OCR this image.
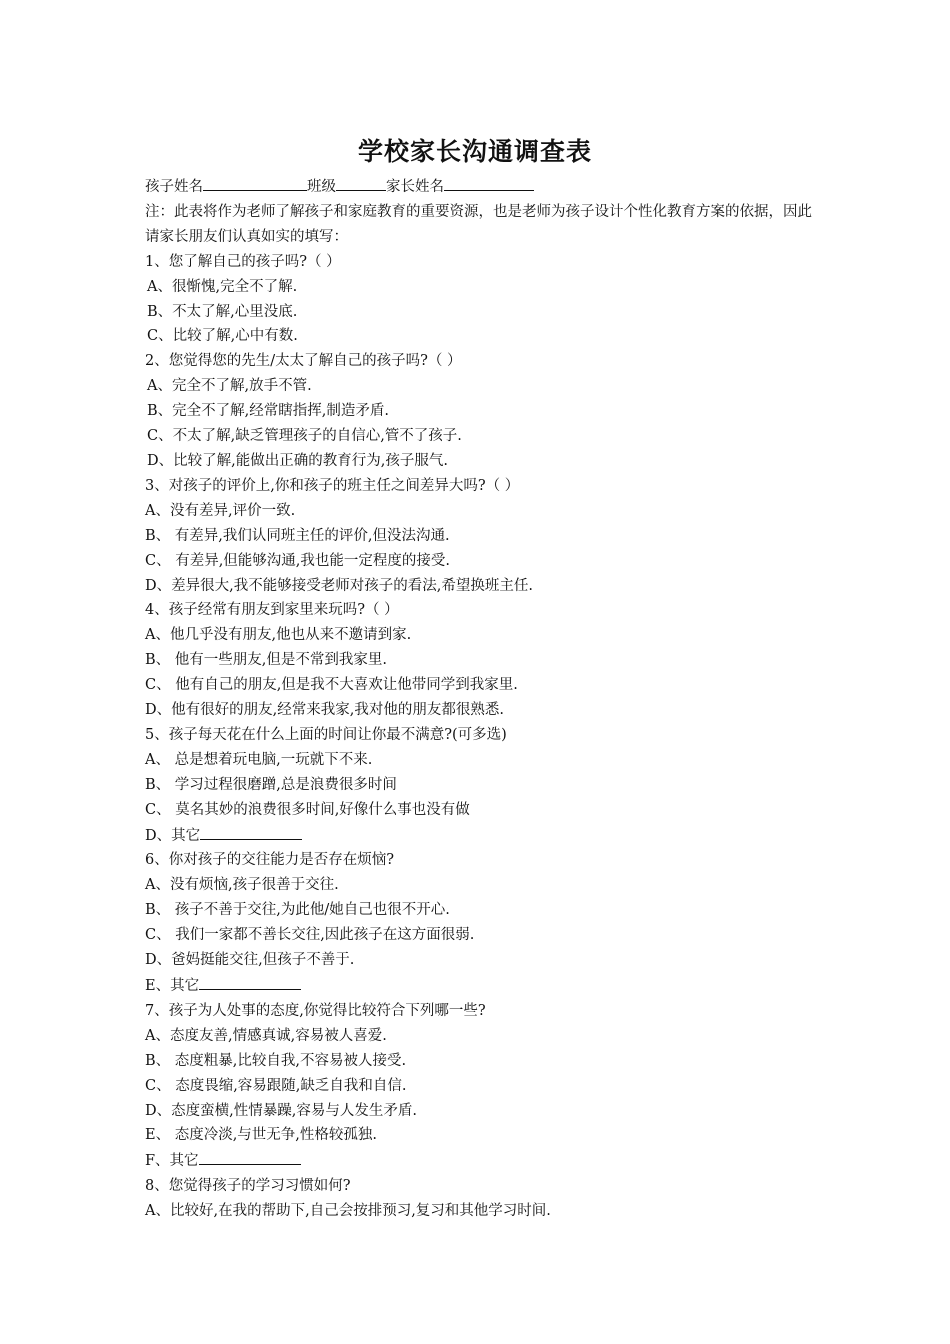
学校家长沟通调查表
孩子姓名	班级	家长姓名
注：此表将作为老师了解孩子和家庭教育的重要资源，也是老师为孩子设计个性化教育方案的依据，因此请家长朋友们认真如实的填写：
1、您了解自己的孩子吗?（ ）
A、很惭愧,完全不了解.
B、不太了解,心里没底.
C、比较了解,心中有数.
2、您觉得您的先生/太太了解自己的孩子吗?（ ）
A、完全不了解,放手不管.
B、完全不了解,经常瞎指挥,制造矛盾.
C、不太了解,缺乏管理孩子的自信心,管不了孩子.
D、比较了解,能做出正确的教育行为,孩子服气.
3、对孩子的评价上,你和孩子的班主任之间差异大吗?（ ）
A、没有差异,评价一致.
B、 有差异,我们认同班主任的评价,但没法沟通.
C、 有差异,但能够沟通,我也能一定程度的接受.
D、差异很大,我不能够接受老师对孩子的看法,希望换班主任.
4、孩子经常有朋友到家里来玩吗?（ ）
A、他几乎没有朋友,他也从来不邀请到家.
B、 他有一些朋友,但是不常到我家里.
C、 他有自己的朋友,但是我不大喜欢让他带同学到我家里.
D、他有很好的朋友,经常来我家,我对他的朋友都很熟悉.
5、孩子每天花在什么上面的时间让你最不满意?(可多选)
A、 总是想着玩电脑,一玩就下不来.
B、 学习过程很磨蹭,总是浪费很多时间
C、 莫名其妙的浪费很多时间,好像什么事也没有做
D、其它
6、你对孩子的交往能力是否存在烦恼?
A、没有烦恼,孩子很善于交往.
B、 孩子不善于交往,为此他/她自己也很不开心.
C、 我们一家都不善长交往,因此孩子在这方面很弱.
D、爸妈挺能交往,但孩子不善于.
E、其它
7、孩子为人处事的态度,你觉得比较符合下列哪一些?
A、态度友善,情感真诚,容易被人喜爱.
B、 态度粗暴,比较自我,不容易被人接受.
C、 态度畏缩,容易跟随,缺乏自我和自信.
D、态度蛮横,性情暴躁,容易与人发生矛盾.
E、 态度冷淡,与世无争,性格较孤独.
F、其它
8、您觉得孩子的学习习惯如何?
A、比较好,在我的帮助下,自己会按排预习,复习和其他学习时间.
